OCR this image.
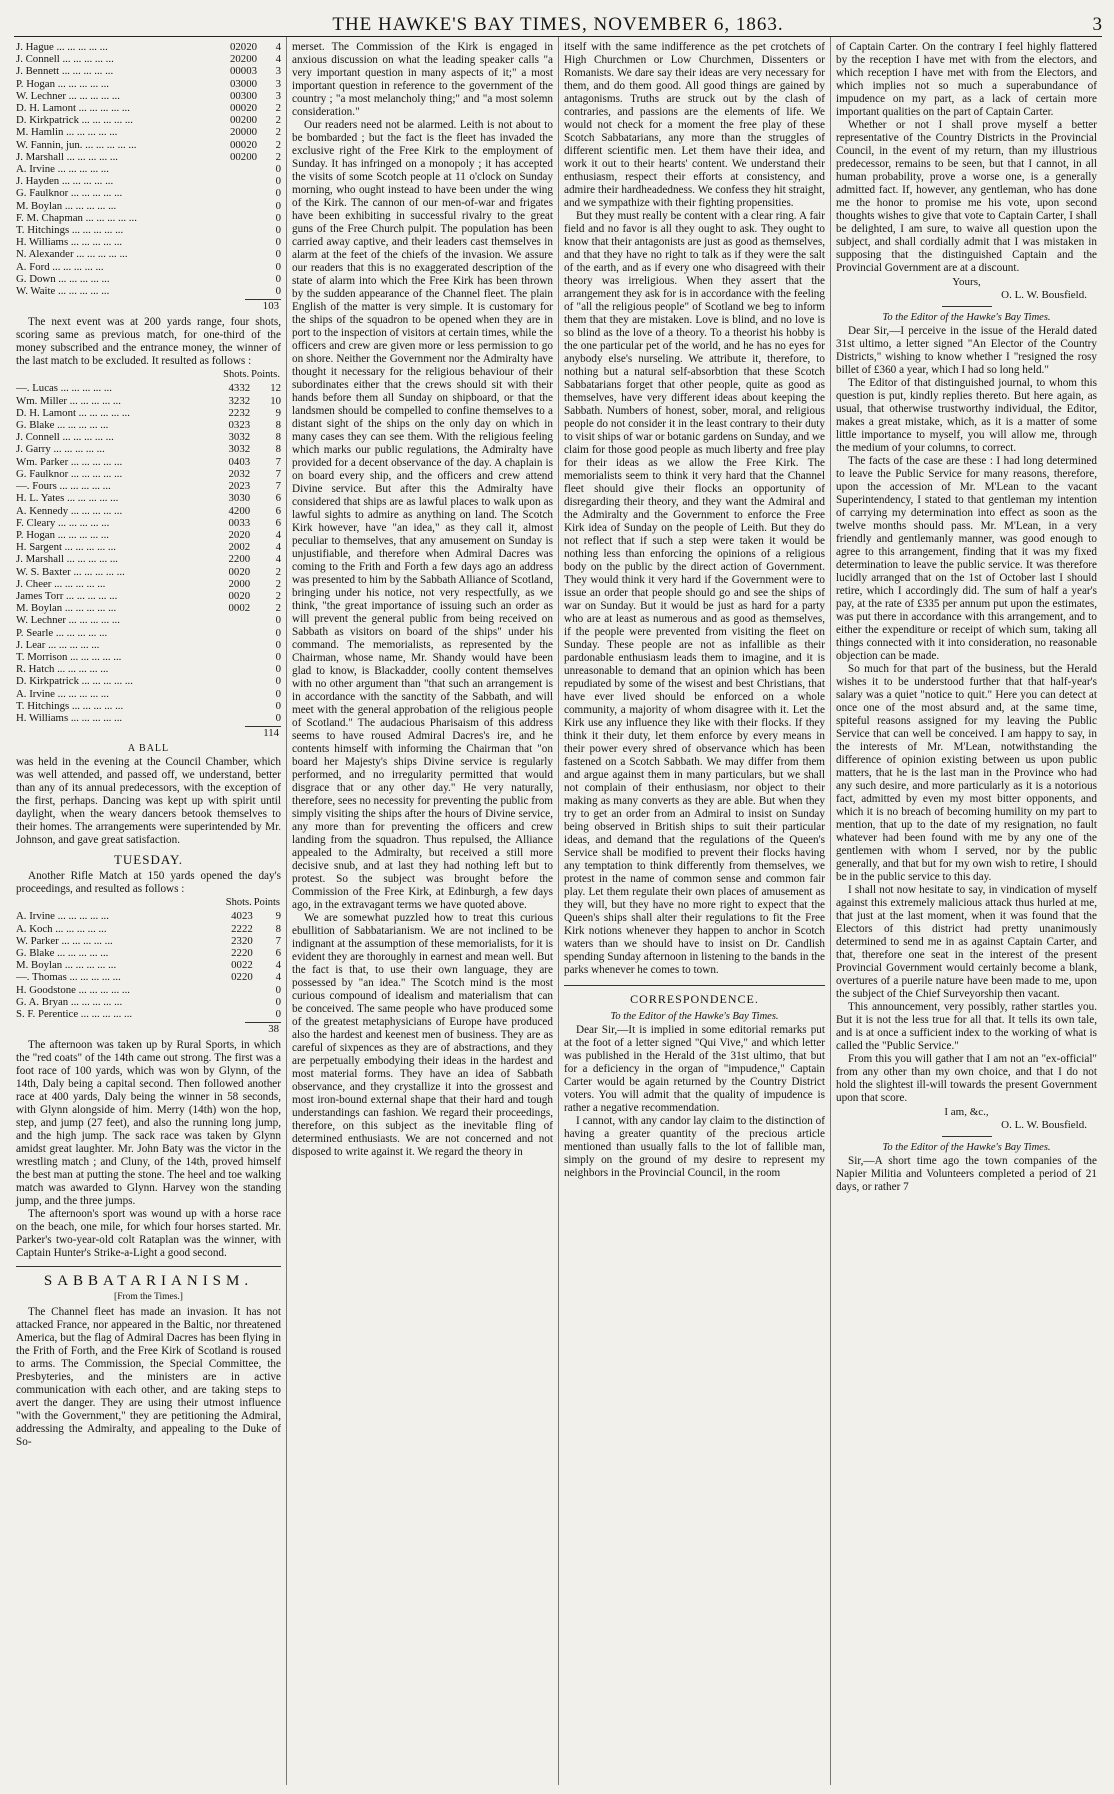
THE HAWKE'S BAY TIMES, NOVEMBER 6, 1863.	3
J. Hague ... ... ... ... ...	02020	4
J. Connell ... ... ... ... ...	20200	4
J. Bennett ... ... ... ... ...	00003	3
P. Hogan ... ... ... ... ...	03000	3
W. Lechner ... ... ... ... ...	00300	3
D. H. Lamont ... ... ... ... ...	00020	2
D. Kirkpatrick ... ... ... ... ...	00200	2
M. Hamlin ... ... ... ... ...	20000	2
W. Fannin, jun. ... ... ... ... ...	00020	2
J. Marshall ... ... ... ... ...	00200	2
A. Irvine ... ... ... ... ...		0
J. Hayden ... ... ... ... ...		0
G. Faulknor ... ... ... ... ...		0
M. Boylan ... ... ... ... ...		0
F. M. Chapman ... ... ... ... ...		0
T. Hitchings ... ... ... ... ...		0
H. Williams ... ... ... ... ...		0
N. Alexander ... ... ... ... ...		0
A. Ford ... ... ... ... ...		0
G. Down ... ... ... ... ...		0
W. Waite ... ... ... ... ...		0
103

The next event was at 200 yards range, four shots, scoring same as previous match, for one-third of the money subscribed and the entrance money, the winner of the last match to be excluded. It resulted as follows :

	Shots.	Points.
—. Lucas ... ... ... ... ...	4332	12
Wm. Miller ... ... ... ... ...	3232	10
D. H. Lamont ... ... ... ... ...	2232	9
G. Blake ... ... ... ... ...	0323	8
J. Connell ... ... ... ... ...	3032	8
J. Garry ... ... ... ... ...	3032	8
Wm. Parker ... ... ... ... ...	0403	7
G. Faulknor ... ... ... ... ...	2032	7
—. Fours ... ... ... ... ...	2023	7
H. L. Yates ... ... ... ... ...	3030	6
A. Kennedy ... ... ... ... ...	4200	6
F. Cleary ... ... ... ... ...	0033	6
P. Hogan ... ... ... ... ...	2020	4
H. Sargent ... ... ... ... ...	2002	4
J. Marshall ... ... ... ... ...	2200	4
W. S. Baxter ... ... ... ... ...	0020	2
J. Cheer ... ... ... ... ...	2000	2
James Torr ... ... ... ... ...	0020	2
M. Boylan ... ... ... ... ...	0002	2
W. Lechner ... ... ... ... ...		0
P. Searle ... ... ... ... ...		0
J. Lear ... ... ... ... ...		0
T. Morrison ... ... ... ... ...		0
R. Hatch ... ... ... ... ...		0
D. Kirkpatrick ... ... ... ... ...		0
A. Irvine ... ... ... ... ...		0
T. Hitchings ... ... ... ... ...		0
H. Williams ... ... ... ... ...		0
114
A BALL

was held in the evening at the Council Chamber, which was well attended, and passed off, we understand, better than any of its annual predecessors, with the exception of the first, perhaps. Dancing was kept up with spirit until daylight, when the weary dancers betook themselves to their homes. The arrangements were superintended by Mr. Johnson, and gave great satisfaction.

TUESDAY.

Another Rifle Match at 150 yards opened the day's proceedings, and resulted as follows :

	Shots.	Points
A. Irvine ... ... ... ... ...	4023	9
A. Koch ... ... ... ... ...	2222	8
W. Parker ... ... ... ... ...	2320	7
G. Blake ... ... ... ... ...	2220	6
M. Boylan ... ... ... ... ...	0022	4
—. Thomas ... ... ... ... ...	0220	4
H. Goodstone ... ... ... ... ...		0
G. A. Bryan ... ... ... ... ...		0
S. F. Perentice ... ... ... ... ...		0
38

The afternoon was taken up by Rural Sports, in which the "red coats" of the 14th came out strong. The first was a foot race of 100 yards, which was won by Glynn, of the 14th, Daly being a capital second. Then followed another race at 400 yards, Daly being the winner in 58 seconds, with Glynn alongside of him. Merry (14th) won the hop, step, and jump (27 feet), and also the running long jump, and the high jump. The sack race was taken by Glynn amidst great laughter. Mr. John Baty was the victor in the wrestling match ; and Cluny, of the 14th, proved himself the best man at putting the stone. The heel and toe walking match was awarded to Glynn. Harvey won the standing jump, and the three jumps.

The afternoon's sport was wound up with a horse race on the beach, one mile, for which four horses started. Mr. Parker's two-year-old colt Rataplan was the winner, with Captain Hunter's Strike-a-Light a good second.

SABBATARIANISM.
[From the Times.]

The Channel fleet has made an invasion. It has not attacked France, nor appeared in the Baltic, nor threatened America, but the flag of Admiral Dacres has been flying in the Frith of Forth, and the Free Kirk of Scotland is roused to arms. The Commission, the Special Committee, the Presbyteries, and the ministers are in active communication with each other, and are taking steps to avert the danger. They are using their utmost influence "with the Government," they are petitioning the Admiral, addressing the Admiralty, and appealing to the Duke of So-

merset. The Commission of the Kirk is engaged in anxious discussion on what the leading speaker calls "a very important question in many aspects of it;" a most important question in reference to the government of the country ; "a most melancholy thing;" and "a most solemn consideration."

Our readers need not be alarmed. Leith is not about to be bombarded ; but the fact is the fleet has invaded the exclusive right of the Free Kirk to the employment of Sunday. It has infringed on a monopoly ; it has accepted the visits of some Scotch people at 11 o'clock on Sunday morning, who ought instead to have been under the wing of the Kirk. The cannon of our men-of-war and frigates have been exhibiting in successful rivalry to the great guns of the Free Church pulpit. The population has been carried away captive, and their leaders cast themselves in alarm at the feet of the chiefs of the invasion. We assure our readers that this is no exaggerated description of the state of alarm into which the Free Kirk has been thrown by the sudden appearance of the Channel fleet. The plain English of the matter is very simple. It is customary for the ships of the squadron to be opened when they are in port to the inspection of visitors at certain times, while the officers and crew are given more or less permission to go on shore. Neither the Government nor the Admiralty have thought it necessary for the religious behaviour of their subordinates either that the crews should sit with their hands before them all Sunday on shipboard, or that the landsmen should be compelled to confine themselves to a distant sight of the ships on the only day on which in many cases they can see them. With the religious feeling which marks our public regulations, the Admiralty have provided for a decent observance of the day. A chaplain is on board every ship, and the officers and crew attend Divine service. But after this the Admiralty have considered that ships are as lawful places to walk upon as lawful sights to admire as anything on land. The Scotch Kirk however, have "an idea," as they call it, almost peculiar to themselves, that any amusement on Sunday is unjustifiable, and therefore when Admiral Dacres was coming to the Frith and Forth a few days ago an address was presented to him by the Sabbath Alliance of Scotland, bringing under his notice, not very respectfully, as we think, "the great importance of issuing such an order as will prevent the general public from being received on Sabbath as visitors on board of the ships" under his command. The memorialists, as represented by the Chairman, whose name, Mr. Shandy would have been glad to know, is Blackadder, coolly content themselves with no other argument than "that such an arrangement is in accordance with the sanctity of the Sabbath, and will meet with the general approbation of the religious people of Scotland." The audacious Pharisaism of this address seems to have roused Admiral Dacres's ire, and he contents himself with informing the Chairman that "on board her Majesty's ships Divine service is regularly performed, and no irregularity permitted that would disgrace that or any other day." He very naturally, therefore, sees no necessity for preventing the public from simply visiting the ships after the hours of Divine service, any more than for preventing the officers and crew landing from the squadron. Thus repulsed, the Alliance appealed to the Admiralty, but received a still more decisive snub, and at last they had nothing left but to protest. So the subject was brought before the Commission of the Free Kirk, at Edinburgh, a few days ago, in the extravagant terms we have quoted above.

We are somewhat puzzled how to treat this curious ebullition of Sabbatarianism. We are not inclined to be indignant at the assumption of these memorialists, for it is evident they are thoroughly in earnest and mean well. But the fact is that, to use their own language, they are possessed by "an idea." The Scotch mind is the most curious compound of idealism and materialism that can be conceived. The same people who have produced some of the greatest metaphysicians of Europe have produced also the hardest and keenest men of business. They are as careful of sixpences as they are of abstractions, and they are perpetually embodying their ideas in the hardest and most material forms. They have an idea of Sabbath observance, and they crystallize it into the grossest and most iron-bound external shape that their hard and tough understandings can fashion. We regard their proceedings, therefore, on this subject as the inevitable fling of determined enthusiasts. We are not concerned and not disposed to write against it. We regard the theory in

itself with the same indifference as the pet crotchets of High Churchmen or Low Churchmen, Dissenters or Romanists. We dare say their ideas are very necessary for them, and do them good. All good things are gained by antagonisms. Truths are struck out by the clash of contraries, and passions are the elements of life. We would not check for a moment the free play of these Scotch Sabbatarians, any more than the struggles of different scientific men. Let them have their idea, and work it out to their hearts' content. We understand their enthusiasm, respect their efforts at consistency, and admire their hardheadedness. We confess they hit straight, and we sympathize with their fighting propensities.

But they must really be content with a clear ring. A fair field and no favor is all they ought to ask. They ought to know that their antagonists are just as good as themselves, and that they have no right to talk as if they were the salt of the earth, and as if every one who disagreed with their theory was irreligious. When they assert that the arrangement they ask for is in accordance with the feeling of "all the religious people" of Scotland we beg to inform them that they are mistaken. Love is blind, and no love is so blind as the love of a theory. To a theorist his hobby is the one particular pet of the world, and he has no eyes for anybody else's nurseling. We attribute it, therefore, to nothing but a natural self-absorbtion that these Scotch Sabbatarians forget that other people, quite as good as themselves, have very different ideas about keeping the Sabbath. Numbers of honest, sober, moral, and religious people do not consider it in the least contrary to their duty to visit ships of war or botanic gardens on Sunday, and we claim for those good people as much liberty and free play for their ideas as we allow the Free Kirk. The memorialists seem to think it very hard that the Channel fleet should give their flocks an opportunity of disregarding their theory, and they want the Admiral and the Admiralty and the Government to enforce the Free Kirk idea of Sunday on the people of Leith. But they do not reflect that if such a step were taken it would be nothing less than enforcing the opinions of a religious body on the public by the direct action of Government. They would think it very hard if the Government were to issue an order that people should go and see the ships of war on Sunday. But it would be just as hard for a party who are at least as numerous and as good as themselves, if the people were prevented from visiting the fleet on Sunday. These people are not as infallible as their pardonable enthusiasm leads them to imagine, and it is unreasonable to demand that an opinion which has been repudiated by some of the wisest and best Christians, that have ever lived should be enforced on a whole community, a majority of whom disagree with it. Let the Kirk use any influence they like with their flocks. If they think it their duty, let them enforce by every means in their power every shred of observance which has been fastened on a Scotch Sabbath. We may differ from them and argue against them in many particulars, but we shall not complain of their enthusiasm, nor object to their making as many converts as they are able. But when they try to get an order from an Admiral to insist on Sunday being observed in British ships to suit their particular ideas, and demand that the regulations of the Queen's Service shall be modified to prevent their flocks having any temptation to think differently from themselves, we protest in the name of common sense and common fair play. Let them regulate their own places of amusement as they will, but they have no more right to expect that the Queen's ships shall alter their regulations to fit the Free Kirk notions whenever they happen to anchor in Scotch waters than we should have to insist on Dr. Candlish spending Sunday afternoon in listening to the bands in the parks whenever he comes to town.

CORRESPONDENCE.
To the Editor of the Hawke's Bay Times.

Dear Sir,—It is implied in some editorial remarks put at the foot of a letter signed "Qui Vive," and which letter was published in the Herald of the 31st ultimo, that but for a deficiency in the organ of "impudence," Captain Carter would be again returned by the Country District voters. You will admit that the quality of impudence is rather a negative recommendation.

I cannot, with any candor lay claim to the distinction of having a greater quantity of the precious article mentioned than usually falls to the lot of fallible man, simply on the ground of my desire to represent my neighbors in the Provincial Council, in the room

of Captain Carter. On the contrary I feel highly flattered by the reception I have met with from the electors, and which reception I have met with from the Electors, and which implies not so much a superabundance of impudence on my part, as a lack of certain more important qualities on the part of Captain Carter.

Whether or not I shall prove myself a better representative of the Country Districts in the Provincial Council, in the event of my return, than my illustrious predecessor, remains to be seen, but that I cannot, in all human probability, prove a worse one, is a generally admitted fact. If, however, any gentleman, who has done me the honor to promise me his vote, upon second thoughts wishes to give that vote to Captain Carter, I shall be delighted, I am sure, to waive all question upon the subject, and shall cordially admit that I was mistaken in supposing that the distinguished Captain and the Provincial Government are at a discount.

Yours,
O. L. W. Bousfield.
To the Editor of the Hawke's Bay Times.

Dear Sir,—I perceive in the issue of the Herald dated 31st ultimo, a letter signed "An Elector of the Country Districts," wishing to know whether I "resigned the rosy billet of £360 a year, which I had so long held."

The Editor of that distinguished journal, to whom this question is put, kindly replies thereto. But here again, as usual, that otherwise trustworthy individual, the Editor, makes a great mistake, which, as it is a matter of some little importance to myself, you will allow me, through the medium of your columns, to correct.

The facts of the case are these : I had long determined to leave the Public Service for many reasons, therefore, upon the accession of Mr. M'Lean to the vacant Superintendency, I stated to that gentleman my intention of carrying my determination into effect as soon as the twelve months should pass. Mr. M'Lean, in a very friendly and gentlemanly manner, was good enough to agree to this arrangement, finding that it was my fixed determination to leave the public service. It was therefore lucidly arranged that on the 1st of October last I should retire, which I accordingly did. The sum of half a year's pay, at the rate of £335 per annum put upon the estimates, was put there in accordance with this arrangement, and to either the expenditure or receipt of which sum, taking all things connected with it into consideration, no reasonable objection can be made.

So much for that part of the business, but the Herald wishes it to be understood further that that half-year's salary was a quiet "notice to quit." Here you can detect at once one of the most absurd and, at the same time, spiteful reasons assigned for my leaving the Public Service that can well be conceived. I am happy to say, in the interests of Mr. M'Lean, notwithstanding the difference of opinion existing between us upon public matters, that he is the last man in the Province who had any such desire, and more particularly as it is a notorious fact, admitted by even my most bitter opponents, and which it is no breach of becoming humility on my part to mention, that up to the date of my resignation, no fault whatever had been found with me by any one of the gentlemen with whom I served, nor by the public generally, and that but for my own wish to retire, I should be in the public service to this day.

I shall not now hesitate to say, in vindication of myself against this extremely malicious attack thus hurled at me, that just at the last moment, when it was found that the Electors of this district had pretty unanimously determined to send me in as against Captain Carter, and that, therefore one seat in the interest of the present Provincial Government would certainly become a blank, overtures of a puerile nature have been made to me, upon the subject of the Chief Surveyorship then vacant.

This announcement, very possibly, rather startles you. But it is not the less true for all that. It tells its own tale, and is at once a sufficient index to the working of what is called the "Public Service."

From this you will gather that I am not an "ex-official" from any other than my own choice, and that I do not hold the slightest ill-will towards the present Government upon that score.

I am, &c.,
O. L. W. Bousfield.
To the Editor of the Hawke's Bay Times.

Sir,—A short time ago the town companies of the Napier Militia and Volunteers completed a period of 21 days, or rather 7
